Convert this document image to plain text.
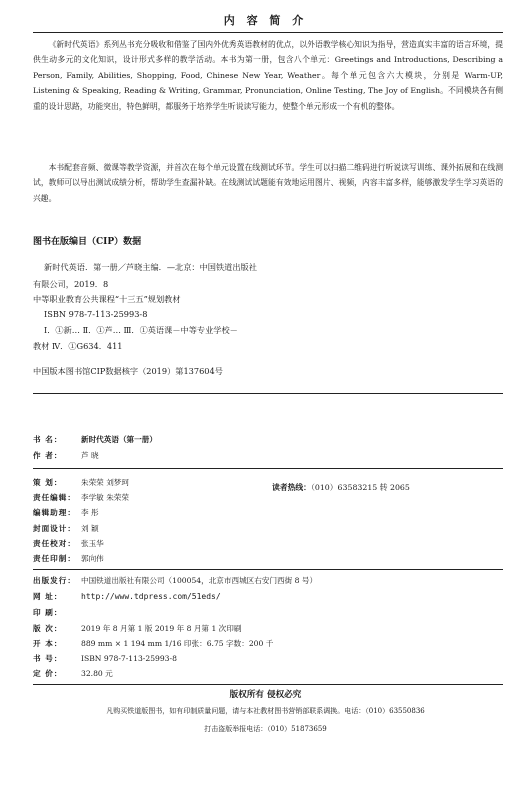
内 容 简 介
《新时代英语》系列丛书充分吸收和借鉴了国内外优秀英语教材的优点，以外语教学核心知识为指导，营造真实丰富的语言环境，提供生动多元的文化知识，设计形式多样的教学活动。本书为第一册，包含八个单元：Greetings and Introductions, Describing a Person, Family, Abilities, Shopping, Food, Chinese New Year, Weather。每个单元包含六大模块，分别是 Warm-UP, Listening & Speaking, Reading & Writing, Grammar, Pronunciation, Online Testing, The Joy of English。不同模块各有侧重的设计思路，功能突出，特色鲜明，都服务于培养学生听说读写能力，使整个单元形成一个有机的整体。
本书配套音频、微课等教学资源，并首次在每个单元设置在线测试环节。学生可以扫描二维码进行听说读写训练、课外拓展和在线测试，教师可以导出测试成绩分析，帮助学生查漏补缺。在线测试试题能有效地运用图片、视频，内容丰富多样，能够激发学生学习英语的兴趣。
图书在版编目（CIP）数据
新时代英语．第一册／芦晓主编．—北京：中国铁道出版社
有限公司，2019．8
中等职业教育公共课程“十三五”规划教材
ISBN 978-7-113-25993-8
Ⅰ．①新… Ⅱ．①芦… Ⅲ．①英语课－中等专业学校－
教材 Ⅳ．①G634．411
中国版本图书馆CIP数据核字（2019）第137604号
书 名： 新时代英语（第一册）
作 者： 芦 晓
策 划： 朱荣荣 刘梦珂
读者热线：（010）63583215 转 2065
责任编辑： 李学敏 朱荣荣
编辑助理： 李 彤
封面设计： 刘 颖
责任校对： 张玉华
责任印制： 郭向伟
出版发行： 中国铁道出版社有限公司（100054，北京市西城区右安门西街 8 号）
网 址： http://www.tdpress.com/51eds/
印 刷：
版 次： 2019 年 8 月第 1 版 2019 年 8 月第 1 次印刷
开 本： 889 mm × 1 194 mm 1/16 印张：6.75 字数：200 千
书 号： ISBN 978-7-113-25993-8
定 价： 32.80 元
版权所有 侵权必究
凡购买铁道版图书，如有印制质量问题，请与本社教材图书营销部联系调换。电话：（010）63550836
打击盗版举报电话：（010）51873659
